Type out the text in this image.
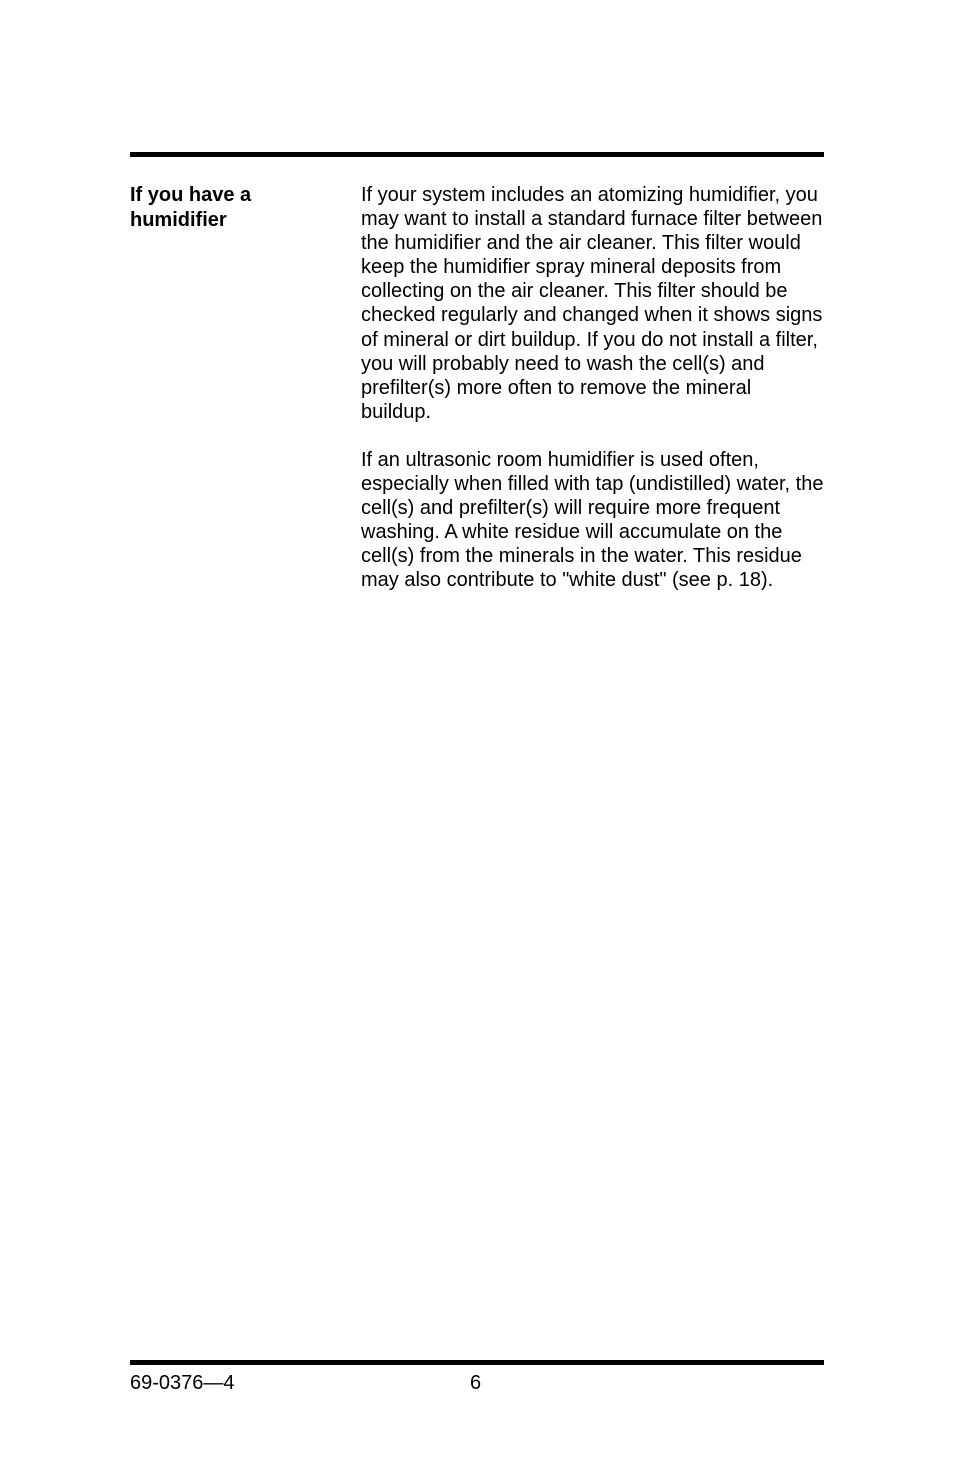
If you have a humidifier

If your system includes an atomizing humidifier, you may want to install a standard furnace filter between the humidifier and the air cleaner. This filter would keep the humidifier spray mineral deposits from collecting on the air cleaner. This filter should be checked regularly and changed when it shows signs of mineral or dirt buildup. If you do not install a filter, you will probably need to wash the cell(s) and prefilter(s) more often to remove the mineral buildup.

If an ultrasonic room humidifier is used often, especially when filled with tap (undistilled) water, the cell(s) and prefilter(s) will require more frequent washing. A white residue will accumulate on the cell(s) from the minerals in the water. This residue may also contribute to "white dust" (see p. 18).

69-0376—4	6
